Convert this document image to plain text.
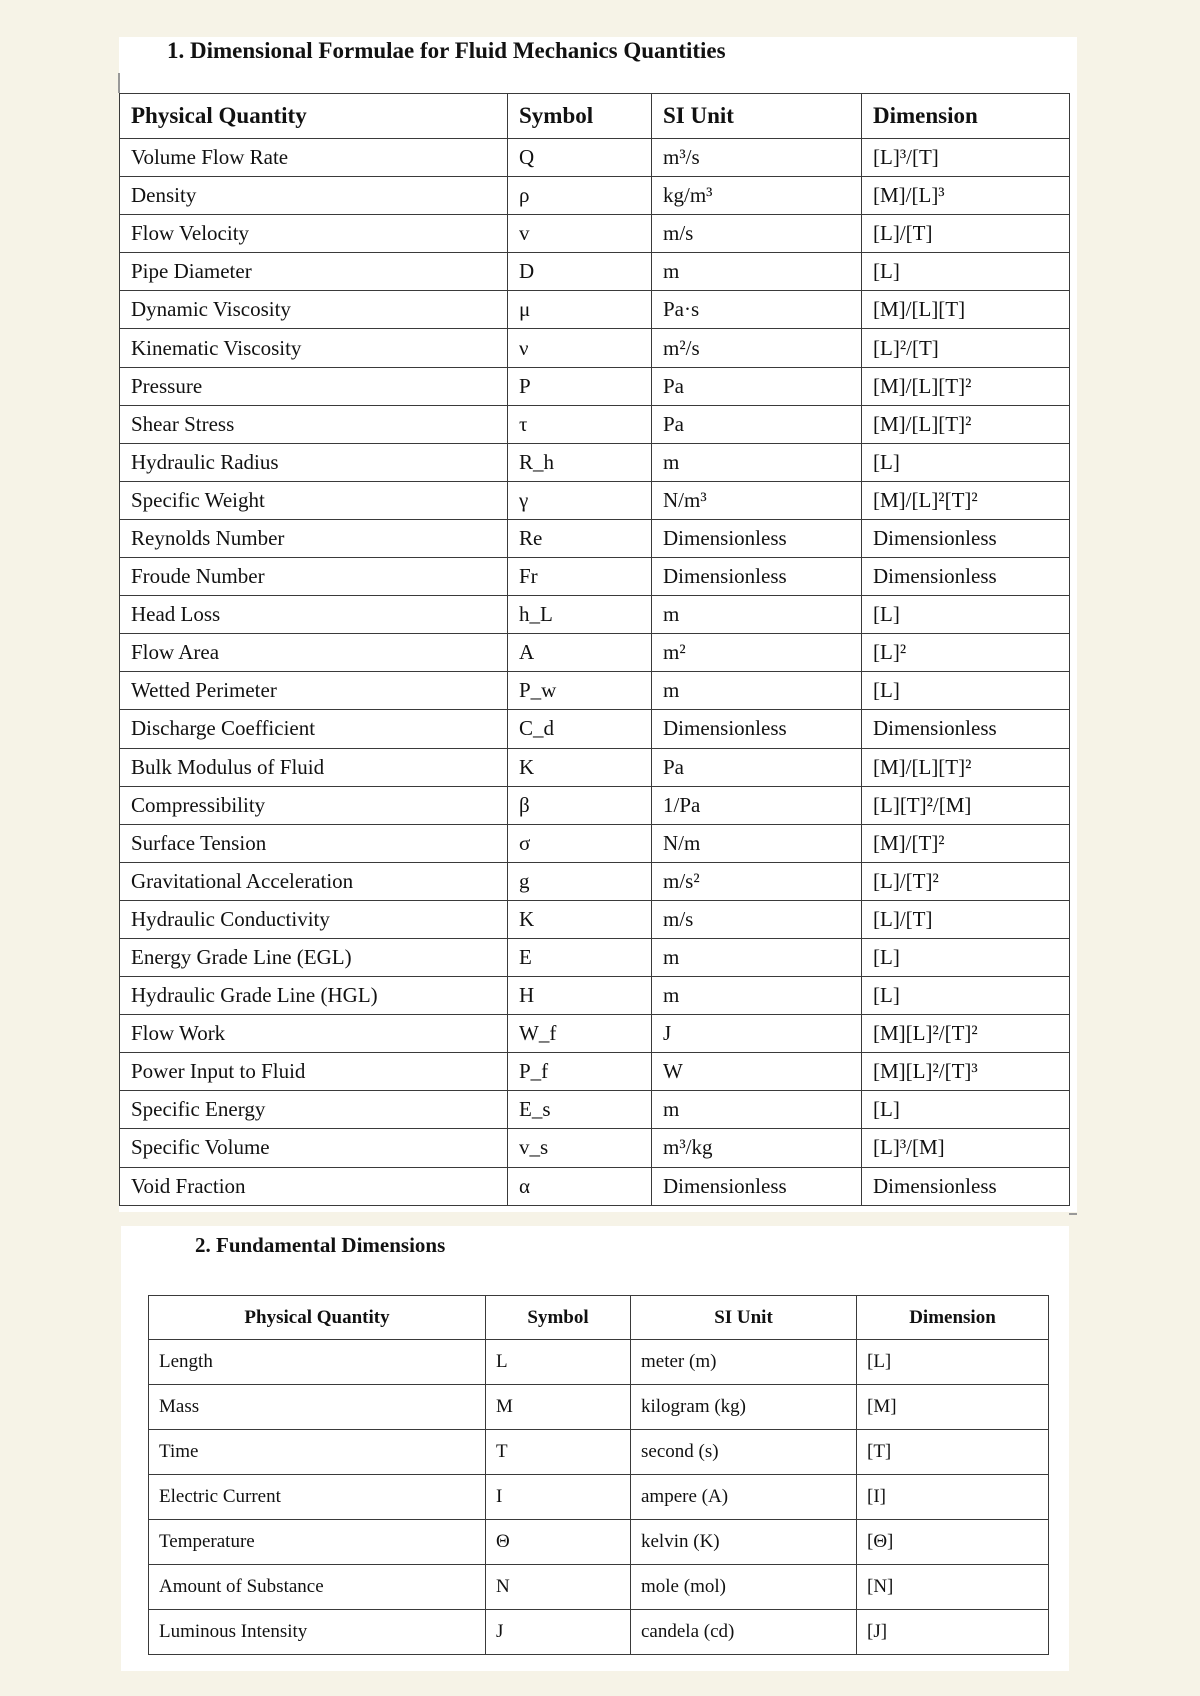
1. Dimensional Formulae for Fluid Mechanics Quantities
Physical Quantity	Symbol	SI Unit	Dimension
Volume Flow Rate	Q	m³/s	[L]³/[T]
Density	ρ	kg/m³	[M]/[L]³
Flow Velocity	v	m/s	[L]/[T]
Pipe Diameter	D	m	[L]
Dynamic Viscosity	μ	Pa·s	[M]/[L][T]
Kinematic Viscosity	ν	m²/s	[L]²/[T]
Pressure	P	Pa	[M]/[L][T]²
Shear Stress	τ	Pa	[M]/[L][T]²
Hydraulic Radius	R_h	m	[L]
Specific Weight	γ	N/m³	[M]/[L]²[T]²
Reynolds Number	Re	Dimensionless	Dimensionless
Froude Number	Fr	Dimensionless	Dimensionless
Head Loss	h_L	m	[L]
Flow Area	A	m²	[L]²
Wetted Perimeter	P_w	m	[L]
Discharge Coefficient	C_d	Dimensionless	Dimensionless
Bulk Modulus of Fluid	K	Pa	[M]/[L][T]²
Compressibility	β	1/Pa	[L][T]²/[M]
Surface Tension	σ	N/m	[M]/[T]²
Gravitational Acceleration	g	m/s²	[L]/[T]²
Hydraulic Conductivity	K	m/s	[L]/[T]
Energy Grade Line (EGL)	E	m	[L]
Hydraulic Grade Line (HGL)	H	m	[L]
Flow Work	W_f	J	[M][L]²/[T]²
Power Input to Fluid	P_f	W	[M][L]²/[T]³
Specific Energy	E_s	m	[L]
Specific Volume	v_s	m³/kg	[L]³/[M]
Void Fraction	α	Dimensionless	Dimensionless
2. Fundamental Dimensions
Physical Quantity	Symbol	SI Unit	Dimension
Length	L	meter (m)	[L]
Mass	M	kilogram (kg)	[M]
Time	T	second (s)	[T]
Electric Current	I	ampere (A)	[I]
Temperature	Θ	kelvin (K)	[Θ]
Amount of Substance	N	mole (mol)	[N]
Luminous Intensity	J	candela (cd)	[J]
